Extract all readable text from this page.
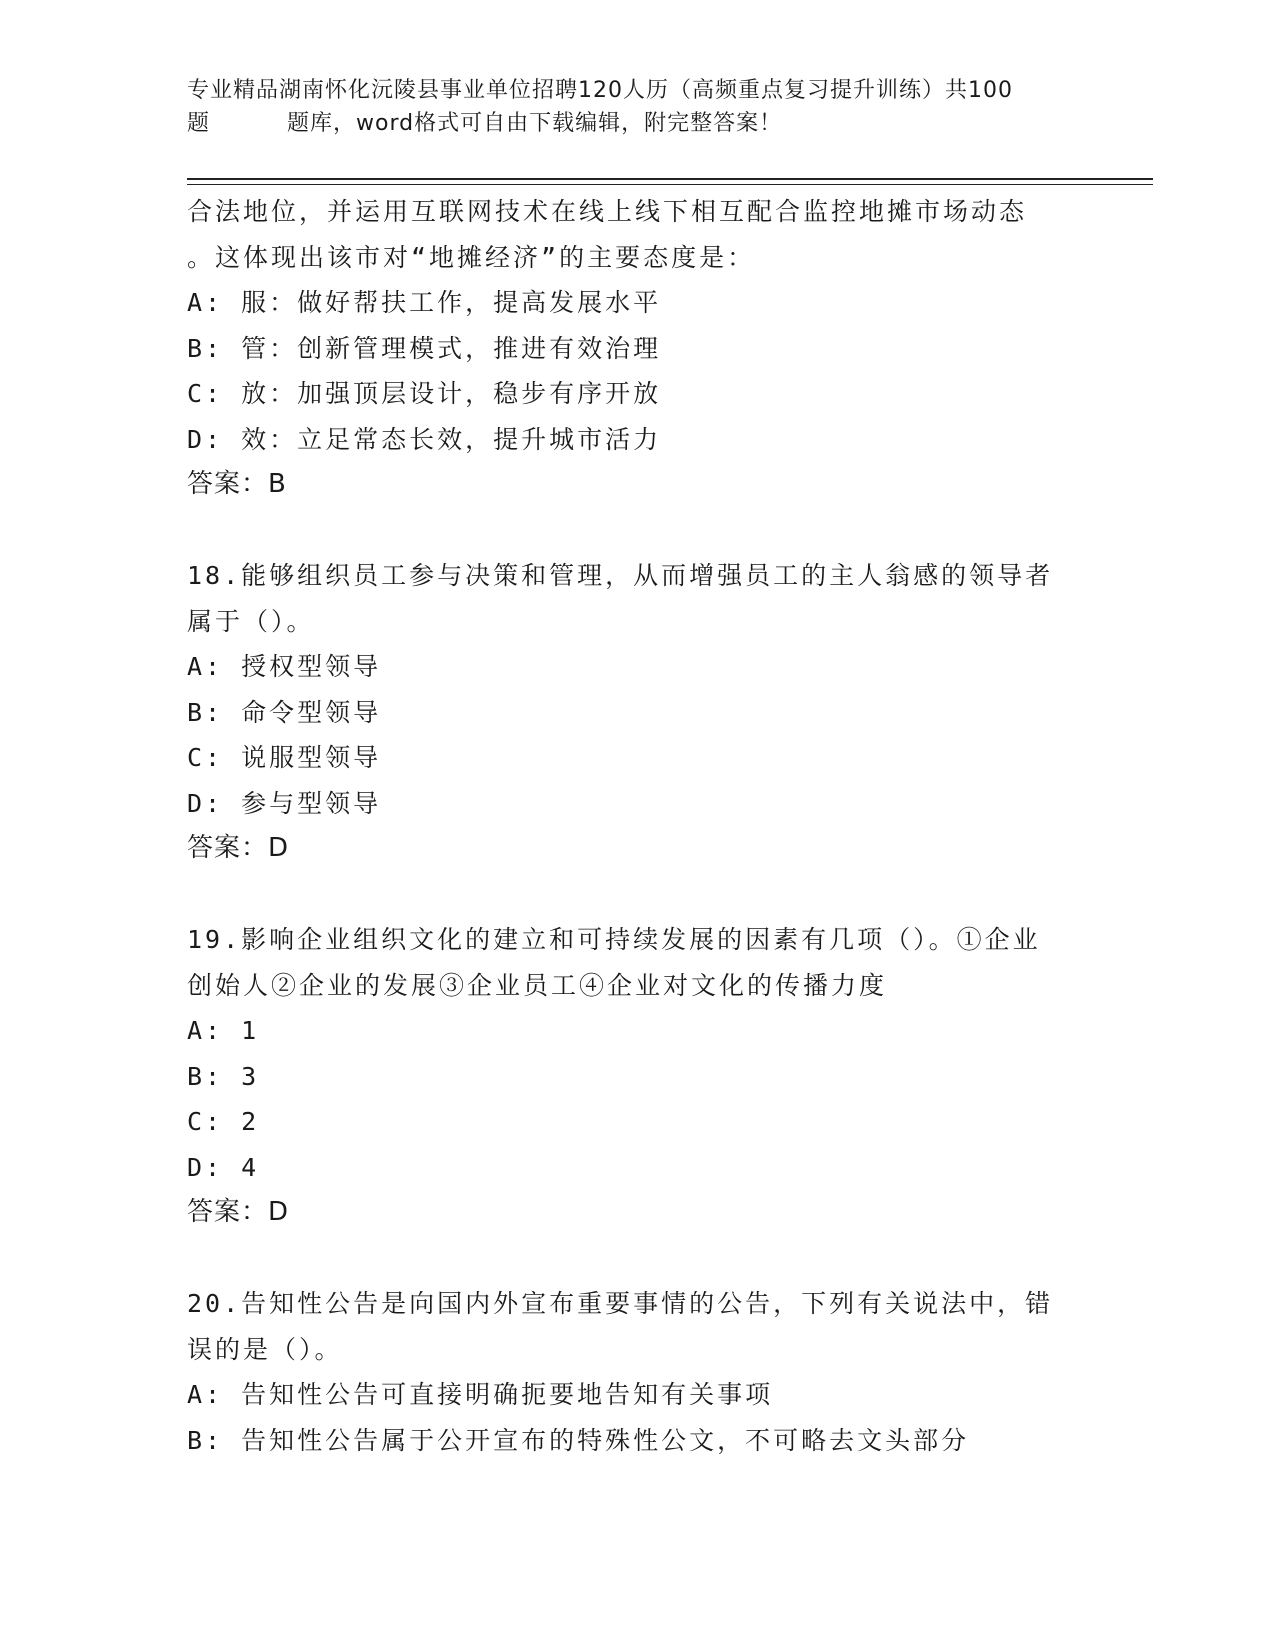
专业精品湖南怀化沅陵县事业单位招聘120人历（高频重点复习提升训练）共100
题	题库，word格式可自由下载编辑，附完整答案！
合法地位，并运用互联网技术在线上线下相互配合监控地摊市场动态
。这体现出该市对“地摊经济”的主要态度是：
A: 服：做好帮扶工作，提高发展水平
B: 管：创新管理模式，推进有效治理
C: 放：加强顶层设计，稳步有序开放
D: 效：立足常态长效，提升城市活力
答案：B
18.能够组织员工参与决策和管理，从而增强员工的主人翁感的领导者
属于（）。
A: 授权型领导
B: 命令型领导
C: 说服型领导
D: 参与型领导
答案：D
19.影响企业组织文化的建立和可持续发展的因素有几项（）。①企业
创始人②企业的发展③企业员工④企业对文化的传播力度
A: 1
B: 3
C: 2
D: 4
答案：D
20.告知性公告是向国内外宣布重要事情的公告，下列有关说法中，错
误的是（）。
A: 告知性公告可直接明确扼要地告知有关事项
B: 告知性公告属于公开宣布的特殊性公文，不可略去文头部分
